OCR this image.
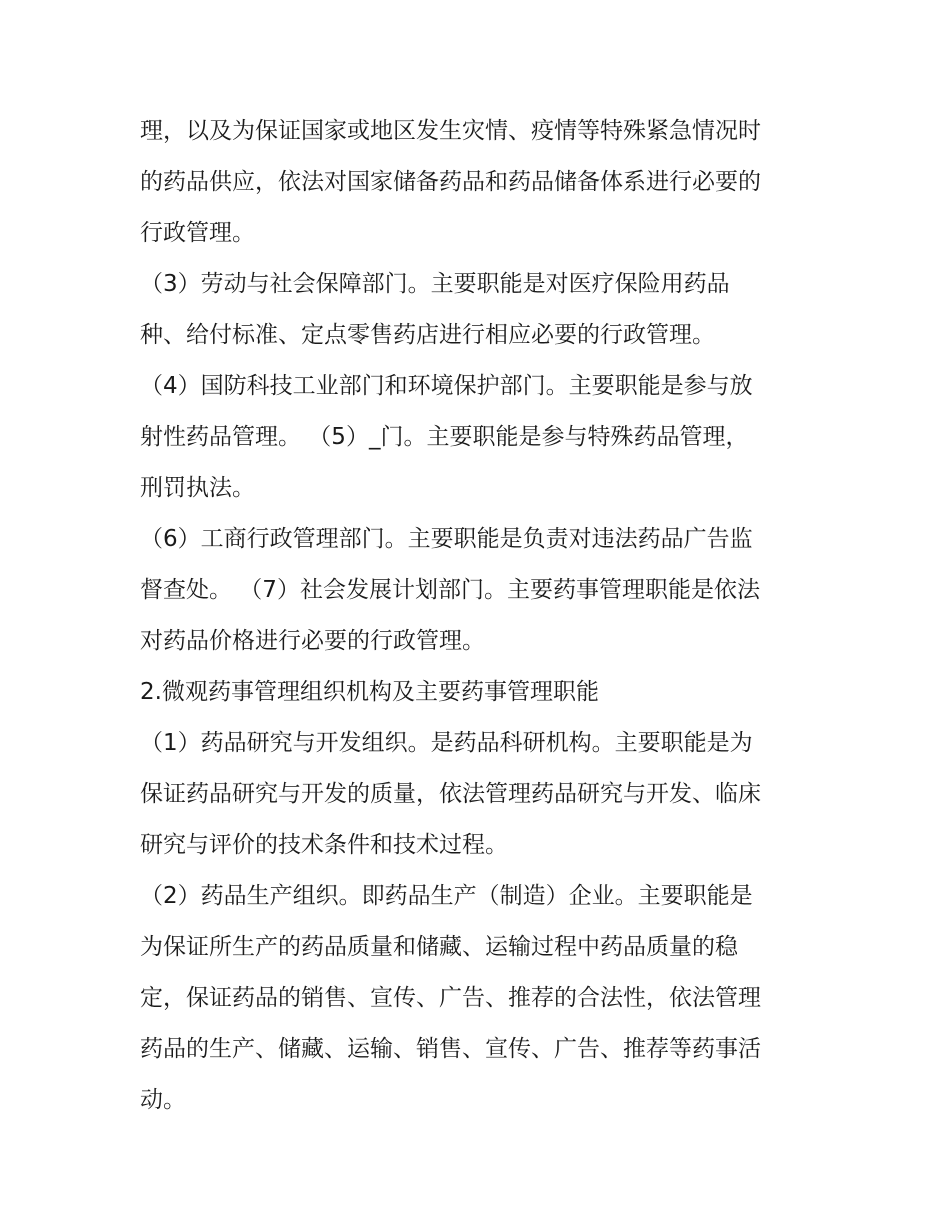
理，以及为保证国家或地区发生灾情、疫情等特殊紧急情况时
的药品供应，依法对国家储备药品和药品储备体系进行必要的
行政管理。
（3）劳动与社会保障部门。主要职能是对医疗保险用药品
种、给付标准、定点零售药店进行相应必要的行政管理。
（4）国防科技工业部门和环境保护部门。主要职能是参与放
射性药品管理。 （5）_门。主要职能是参与特殊药品管理，
刑罚执法。
（6）工商行政管理部门。主要职能是负责对违法药品广告监
督查处。 （7）社会发展计划部门。主要药事管理职能是依法
对药品价格进行必要的行政管理。
2.微观药事管理组织机构及主要药事管理职能
（1）药品研究与开发组织。是药品科研机构。主要职能是为
保证药品研究与开发的质量，依法管理药品研究与开发、临床
研究与评价的技术条件和技术过程。
（2）药品生产组织。即药品生产（制造）企业。主要职能是
为保证所生产的药品质量和储藏、运输过程中药品质量的稳
定，保证药品的销售、宣传、广告、推荐的合法性，依法管理
药品的生产、储藏、运输、销售、宣传、广告、推荐等药事活
动。
